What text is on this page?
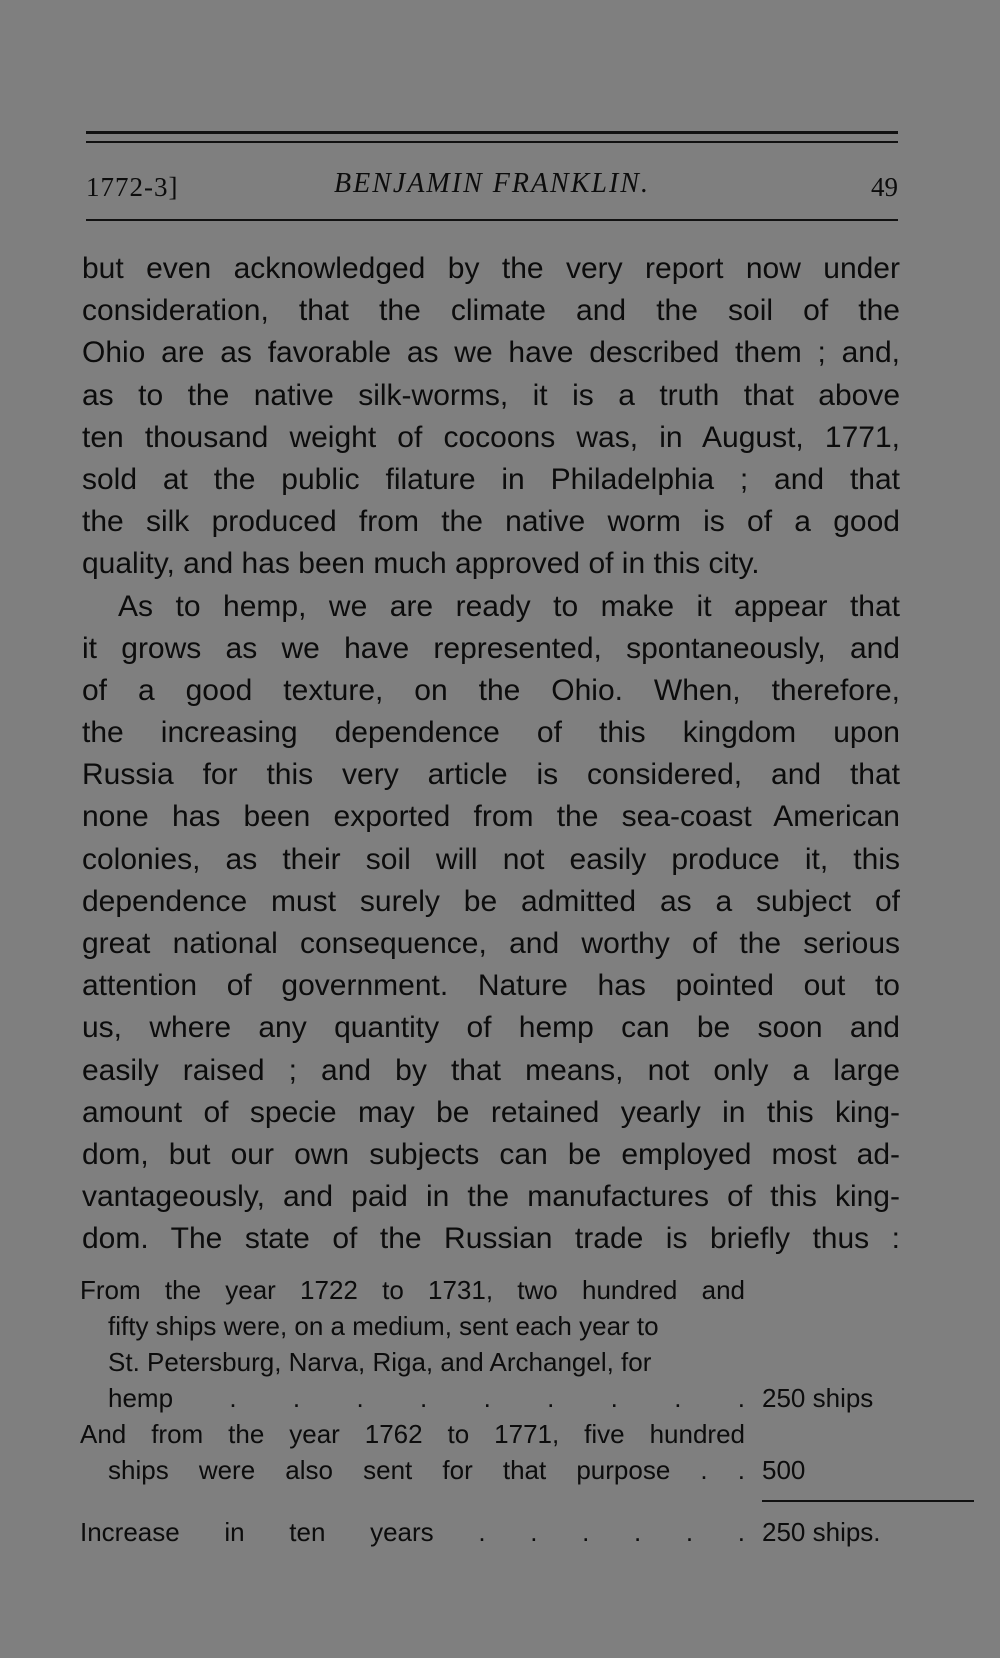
1772-3]	BENJAMIN FRANKLIN.	49
but even acknowledged by the very report now under
consideration, that the climate and the soil of the
Ohio are as favorable as we have described them ; and,
as to the native silk-worms, it is a truth that above
ten thousand weight of cocoons was, in August, 1771,
sold at the public filature in Philadelphia ; and that
the silk produced from the native worm is of a good
quality, and has been much approved of in this city.
As to hemp, we are ready to make it appear that
it grows as we have represented, spontaneously, and
of a good texture, on the Ohio. When, therefore,
the increasing dependence of this kingdom upon
Russia for this very article is considered, and that
none has been exported from the sea-coast American
colonies, as their soil will not easily produce it, this
dependence must surely be admitted as a subject of
great national consequence, and worthy of the serious
attention of government. Nature has pointed out to
us, where any quantity of hemp can be soon and
easily raised ; and by that means, not only a large
amount of specie may be retained yearly in this king-
dom, but our own subjects can be employed most ad-
vantageously, and paid in the manufactures of this king-
dom. The state of the Russian trade is briefly thus :
From the year 1722 to 1731, two hundred and
fifty ships were, on a medium, sent each year to
St. Petersburg, Narva, Riga, and Archangel, for
hemp . . . . . . . . . 250 ships
And from the year 1762 to 1771, five hundred
ships were also sent for that purpose . . 500
Increase in ten years . . . . . . 250 ships.
